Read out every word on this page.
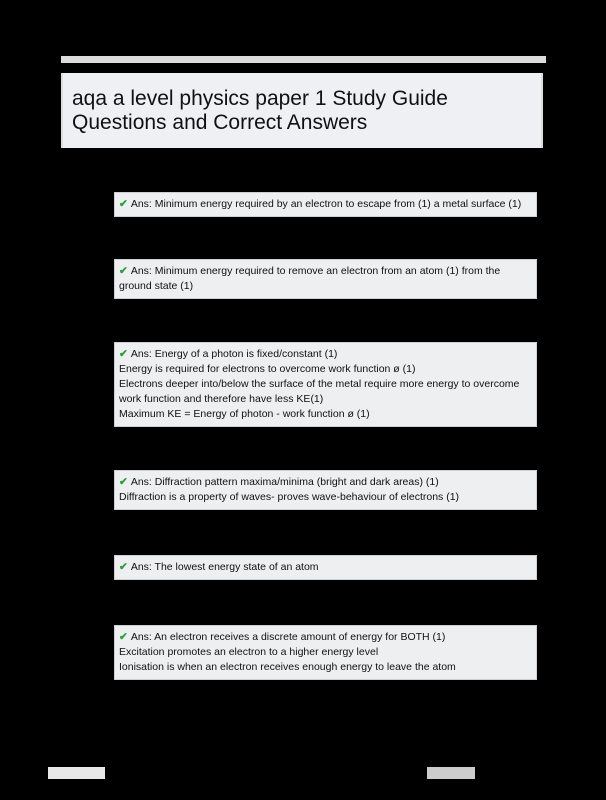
aqa a level physics paper 1 Study Guide
Questions and Correct Answers

✔ Ans: Minimum energy required by an electron to escape from (1) a metal surface (1)

✔ Ans: Minimum energy required to remove an electron from an atom (1) from the ground state (1)

✔ Ans: Energy of a photon is fixed/constant (1)

Energy is required for electrons to overcome work function ø (1)

Electrons deeper into/below the surface of the metal require more energy to overcome work function and therefore have less KE(1)

Maximum KE = Energy of photon - work function ø (1)

✔ Ans: Diffraction pattern maxima/minima (bright and dark areas) (1)

Diffraction is a property of waves- proves wave-behaviour of electrons (1)

✔ Ans: The lowest energy state of an atom

✔ Ans: An electron receives a discrete amount of energy for BOTH (1)

Excitation promotes an electron to a higher energy level

Ionisation is when an electron receives enough energy to leave the atom
